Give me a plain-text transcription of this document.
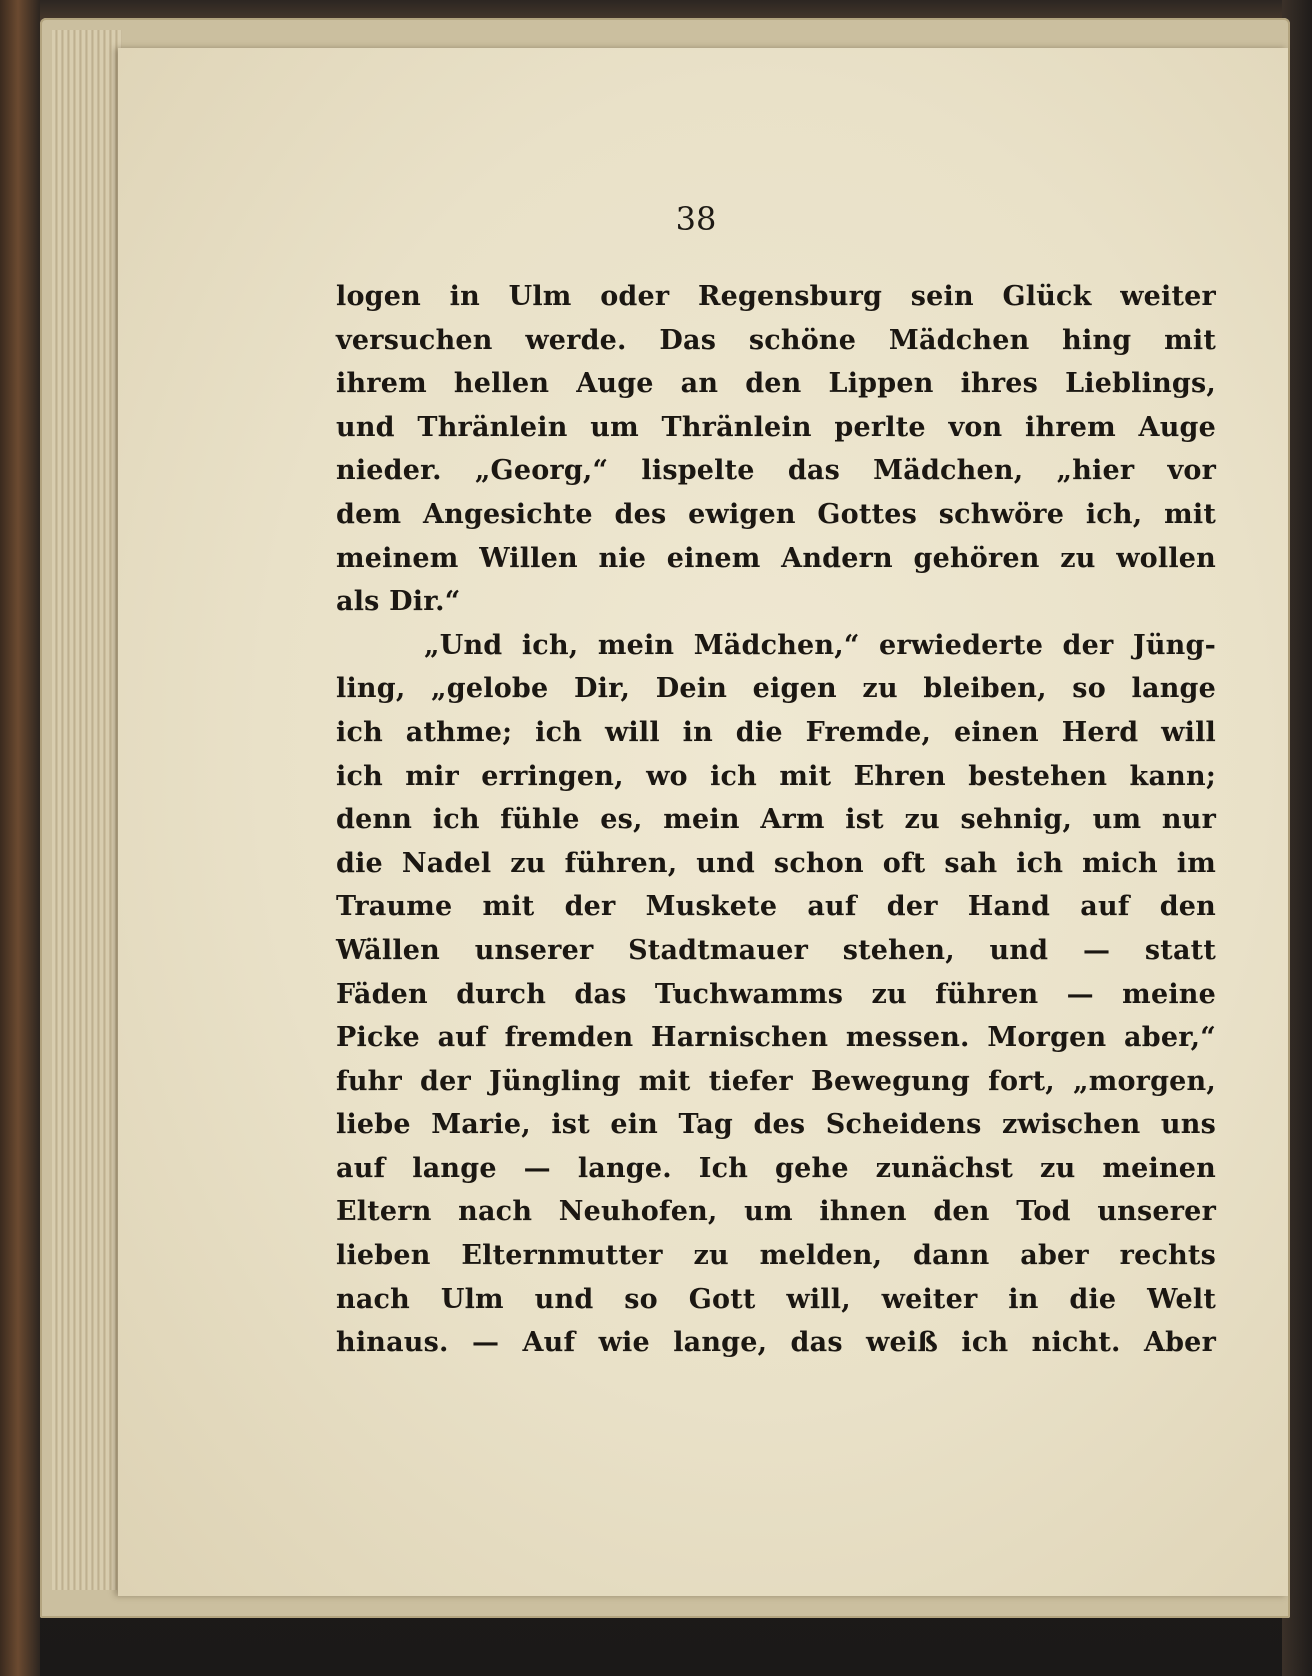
38
logen in Ulm oder Regensburg sein Glück weiter
versuchen werde. Das schöne Mädchen hing mit
ihrem hellen Auge an den Lippen ihres Lieblings,
und Thränlein um Thränlein perlte von ihrem Auge
nieder. „Georg,“ lispelte das Mädchen, „hier vor
dem Angesichte des ewigen Gottes schwöre ich, mit
meinem Willen nie einem Andern gehören zu wollen
als Dir.“
„Und ich, mein Mädchen,“ erwiederte der Jüng-
ling, „gelobe Dir, Dein eigen zu bleiben, so lange
ich athme; ich will in die Fremde, einen Herd will
ich mir erringen, wo ich mit Ehren bestehen kann;
denn ich fühle es, mein Arm ist zu sehnig, um nur
die Nadel zu führen, und schon oft sah ich mich im
Traume mit der Muskete auf der Hand auf den
Wällen unserer Stadtmauer stehen, und — statt
Fäden durch das Tuchwamms zu führen — meine
Picke auf fremden Harnischen messen. Morgen aber,“
fuhr der Jüngling mit tiefer Bewegung fort, „morgen,
liebe Marie, ist ein Tag des Scheidens zwischen uns
auf lange — lange. Ich gehe zunächst zu meinen
Eltern nach Neuhofen, um ihnen den Tod unserer
lieben Elternmutter zu melden, dann aber rechts
nach Ulm und so Gott will, weiter in die Welt
hinaus. — Auf wie lange, das weiß ich nicht. Aber
